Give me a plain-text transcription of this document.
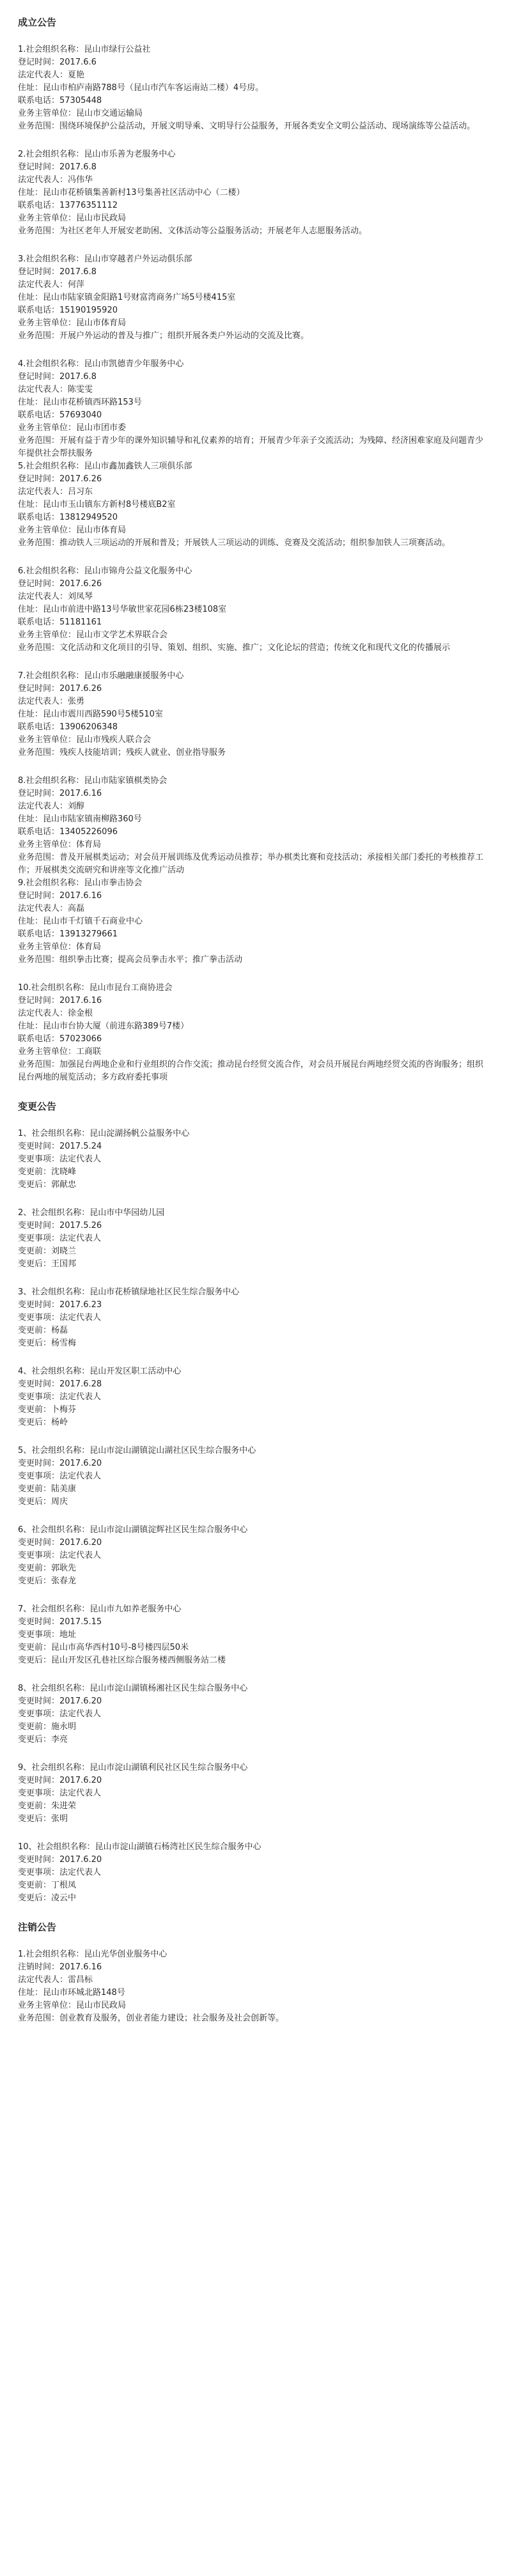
成立公告

1.社会组织名称：昆山市绿行公益社

登记时间：2017.6.6

法定代表人：夏艳

住址：昆山市柏庐南路788号（昆山市汽车客运南站二楼）4号房。

联系电话：57305448

业务主管单位：昆山市交通运输局

业务范围：围绕环境保护公益活动，开展文明导乘、文明导行公益服务，开展各类安全文明公益活动、现场演练等公益活动。

2.社会组织名称：昆山市乐善为老服务中心

登记时间：2017.6.8

法定代表人：冯伟华

住址：昆山市花桥镇集善新村13号集善社区活动中心（二楼）

联系电话：13776351112

业务主管单位：昆山市民政局

业务范围：为社区老年人开展安老助困、文体活动等公益服务活动；开展老年人志愿服务活动。

3.社会组织名称：昆山市穿越者户外运动俱乐部

登记时间：2017.6.8

法定代表人：何萍

住址：昆山市陆家镇金阳路1号财富湾商务广场5号楼415室

联系电话：15190195920

业务主管单位：昆山市体育局

业务范围：开展户外运动的普及与推广；组织开展各类户外运动的交流及比赛。

4.社会组织名称：昆山市凯德青少年服务中心

登记时间：2017.6.8

法定代表人：陈雯雯

住址：昆山市花桥镇西环路153号

联系电话：57693040

业务主管单位：昆山市团市委

业务范围：开展有益于青少年的课外知识辅导和礼仪素养的培育；开展青少年亲子交流活动；为残障、经济困难家庭及问题青少年提供社会帮扶服务

5.社会组织名称：昆山市鑫加鑫铁人三项俱乐部

登记时间：2017.6.26

法定代表人：吕习东

住址：昆山市玉山镇东方新村8号楼底B2室

联系电话：13812949520

业务主管单位：昆山市体育局

业务范围：推动铁人三项运动的开展和普及；开展铁人三项运动的训练、竞赛及交流活动；组织参加铁人三项赛活动。

6.社会组织名称：昆山市锦舟公益文化服务中心

登记时间：2017.6.26

法定代表人：刘凤琴

住址：昆山市前进中路13号华敏世家花园6栋23楼108室

联系电话：51181161

业务主管单位：昆山市文学艺术界联合会

业务范围：文化活动和文化项目的引导、策划、组织、实施、推广；文化论坛的营造；传统文化和现代文化的传播展示

7.社会组织名称：昆山市乐融融康援服务中心

登记时间：2017.6.26

法定代表人：张勇

住址：昆山市震川西路590号5楼510室

联系电话：13906206348

业务主管单位：昆山市残疾人联合会

业务范围：残疾人技能培训；残疾人就业、创业指导服务

8.社会组织名称：昆山市陆家镇棋类协会

登记时间：2017.6.16

法定代表人：刘醇

住址：昆山市陆家镇南柳路360号

联系电话：13405226096

业务主管单位：体育局

业务范围：普及开展棋类运动；对会员开展训练及优秀运动员推荐；举办棋类比赛和竞技活动；承接相关部门委托的考核推荐工作；开展棋类交流研究和讲座等文化推广活动

9.社会组织名称：昆山市拳击协会

登记时间：2017.6.16

法定代表人：高磊

住址：昆山市千灯镇千石商业中心

联系电话：13913279661

业务主管单位：体育局

业务范围：组织拳击比赛；提高会员拳击水平；推广拳击活动

10.社会组织名称：昆山市昆台工商协进会

登记时间：2017.6.16

法定代表人：徐金根

住址：昆山市台协大厦（前进东路389号7楼）

联系电话：57023066

业务主管单位：工商联

业务范围：加强昆台两地企业和行业组织的合作交流；推动昆台经贸交流合作，对会员开展昆台两地经贸交流的咨询服务；组织昆台两地的展览活动；多方政府委托事项

变更公告

1、社会组织名称：昆山淀湖扬帆公益服务中心

变更时间：2017.5.24

变更事项：法定代表人

变更前：沈晓峰

变更后：郭献忠

2、社会组织名称：昆山市中华园幼儿园

变更时间：2017.5.26

变更事项：法定代表人

变更前：刘晓兰

变更后：王国邦

3、社会组织名称：昆山市花桥镇绿地社区民生综合服务中心

变更时间：2017.6.23

变更事项：法定代表人

变更前：杨磊

变更后：杨雪梅

4、社会组织名称：昆山开发区职工活动中心

变更时间：2017.6.28

变更事项：法定代表人

变更前：卜梅芬

变更后：杨岭

5、社会组织名称：昆山市淀山湖镇淀山湖社区民生综合服务中心

变更时间：2017.6.20

变更事项：法定代表人

变更前：陆美康

变更后：周庆

6、社会组织名称：昆山市淀山湖镇淀辉社区民生综合服务中心

变更时间：2017.6.20

变更事项：法定代表人

变更前：郭耿先

变更后：张春龙

7、社会组织名称：昆山市九如养老服务中心

变更时间：2017.5.15

变更事项：地址

变更前：昆山市高华西村10号-8号楼四层50米

变更后：昆山开发区孔巷社区综合服务楼西侧服务站二楼

8、社会组织名称：昆山市淀山湖镇杨湘社区民生综合服务中心

变更时间：2017.6.20

变更事项：法定代表人

变更前：施永明

变更后：李亮

9、社会组织名称：昆山市淀山湖镇利民社区民生综合服务中心

变更时间：2017.6.20

变更事项：法定代表人

变更前：朱进荣

变更后：张明

10、社会组织名称：昆山市淀山湖镇石杨湾社区民生综合服务中心

变更时间：2017.6.20

变更事项：法定代表人

变更前：丁根凤

变更后：凌云中

注销公告

1.社会组织名称：昆山光华创业服务中心

注销时间：2017.6.16

法定代表人：雷昌标

住址：昆山市环城北路148号

业务主管单位：昆山市民政局

业务范围：创业教育及服务，创业者能力建设；社会服务及社会创新等。
